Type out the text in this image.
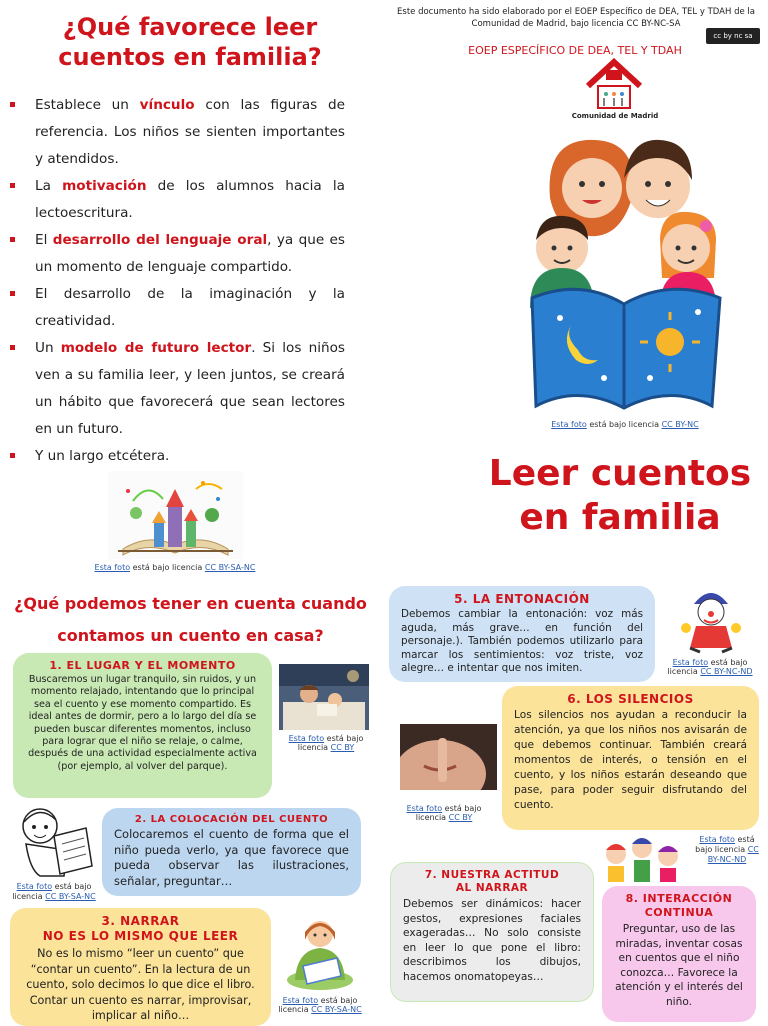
¿Qué favorece leer cuentos en familia?
Establece un vínculo con las figuras de referencia. Los niños se sienten importantes y atendidos.
La motivación de los alumnos hacia la lectoescritura.
El desarrollo del lenguaje oral, ya que es un momento de lenguaje compartido.
El desarrollo de la imaginación y la creatividad.
Un modelo de futuro lector. Si los niños ven a su familia leer, y leen juntos, se creará un hábito que favorecerá que sean lectores en un futuro.
Y un largo etcétera.
Esta foto está bajo licencia CC BY-SA-NC
¿Qué podemos tener en cuenta cuando contamos un cuento en casa?
1. EL LUGAR Y EL MOMENTO

Buscaremos un lugar tranquilo, sin ruidos, y un momento relajado, intentando que lo principal sea el cuento y ese momento compartido. Es ideal antes de dormir, pero a lo largo del día se pueden buscar diferentes momentos, incluso para lograr que el niño se relaje, o calme, después de una actividad especialmente activa (por ejemplo, al volver del parque).

Esta foto está bajo licencia CC BY
Esta foto está bajo licencia CC BY-SA-NC
2. LA COLOCACIÓN DEL CUENTO

Colocaremos el cuento de forma que el niño pueda verlo, ya que favorece que pueda observar las ilustraciones, señalar, preguntar…

3. NARRAR
NO ES LO MISMO QUE LEER

No es lo mismo “leer un cuento” que “contar un cuento”. En la lectura de un cuento, solo decimos lo que dice el libro. Contar un cuento es narrar, improvisar, implicar al niño…

Esta foto está bajo licencia CC BY-SA-NC
Este documento ha sido elaborado por el EOEP Específico de DEA, TEL y TDAH de la Comunidad de Madrid, bajo licencia CC BY-NC-SA
cc by nc sa
EOEP ESPECÍFICO DE DEA, TEL Y TDAH
Comunidad de Madrid
Esta foto está bajo licencia CC BY-NC
Leer cuentos en familia
5. LA ENTONACIÓN

Debemos cambiar la entonación: voz más aguda, más grave… en función del personaje.). También podemos utilizarlo para marcar los sentimientos: voz triste, voz alegre… e intentar que nos imiten.	Esta foto está bajo licencia CC BY-NC-ND
Esta foto está bajo licencia CC BY
6. LOS SILENCIOS

Los silencios nos ayudan a reconducir la atención, ya que los niños nos avisarán de que debemos continuar. También creará momentos de interés, o tensión en el cuento, y los niños estarán deseando que pase, para poder seguir disfrutando del cuento.

Esta foto está bajo licencia CC BY-NC-ND
7. NUESTRA ACTITUD
AL NARRAR

Debemos ser dinámicos: hacer gestos, expresiones faciales exageradas… No solo consiste en leer lo que pone el libro: describimos los dibujos, hacemos onomatopeyas…

8. INTERACCIÓN
CONTINUA

Preguntar, uso de las miradas, inventar cosas en cuentos que el niño conozca… Favorece la atención y el interés del niño.
